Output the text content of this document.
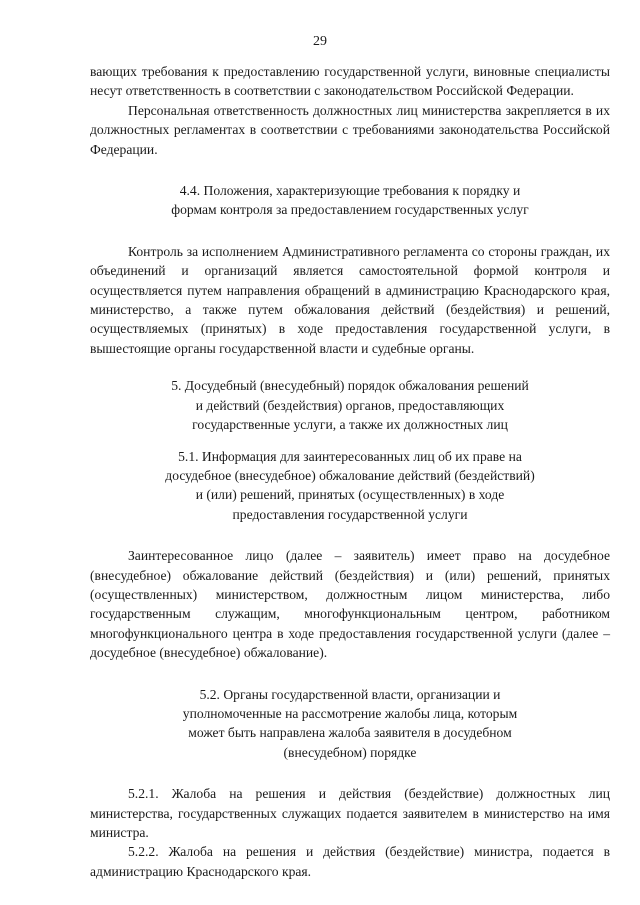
29

вающих требования к предоставлению государственной услуги, виновные специалисты несут ответственность в соответствии с законодательством Российской Федерации.

Персональная ответственность должностных лиц министерства закрепляется в их должностных регламентах в соответствии с требованиями законодательства Российской Федерации.

4.4. Положения, характеризующие требования к порядку и

формам контроля за предоставлением государственных услуг

Контроль за исполнением Административного регламента со стороны граждан, их объединений и организаций является самостоятельной формой контроля и осуществляется путем направления обращений в администрацию Краснодарского края, министерство, а также путем обжалования действий (бездействия) и решений, осуществляемых (принятых) в ходе предоставления государственной услуги, в вышестоящие органы государственной власти и судебные органы.

5. Досудебный (внесудебный) порядок обжалования решений

и действий (бездействия) органов, предоставляющих

государственные услуги, а также их должностных лиц

5.1. Информация для заинтересованных лиц об их праве на

досудебное (внесудебное) обжалование действий (бездействий)

и (или) решений, принятых (осуществленных) в ходе

предоставления государственной услуги

Заинтересованное лицо (далее – заявитель) имеет право на досудебное (внесудебное) обжалование действий (бездействия) и (или) решений, принятых (осуществленных) министерством, должностным лицом министерства, либо государственным служащим, многофункциональным центром, работником многофункционального центра в ходе предоставления государственной услуги (далее – досудебное (внесудебное) обжалование).

5.2. Органы государственной власти, организации и

уполномоченные на рассмотрение жалобы лица, которым

может быть направлена жалоба заявителя в досудебном

(внесудебном) порядке

5.2.1. Жалоба на решения и действия (бездействие) должностных лиц министерства, государственных служащих подается заявителем в министерство на имя министра.

5.2.2. Жалоба на решения и действия (бездействие) министра, подается в администрацию Краснодарского края.
